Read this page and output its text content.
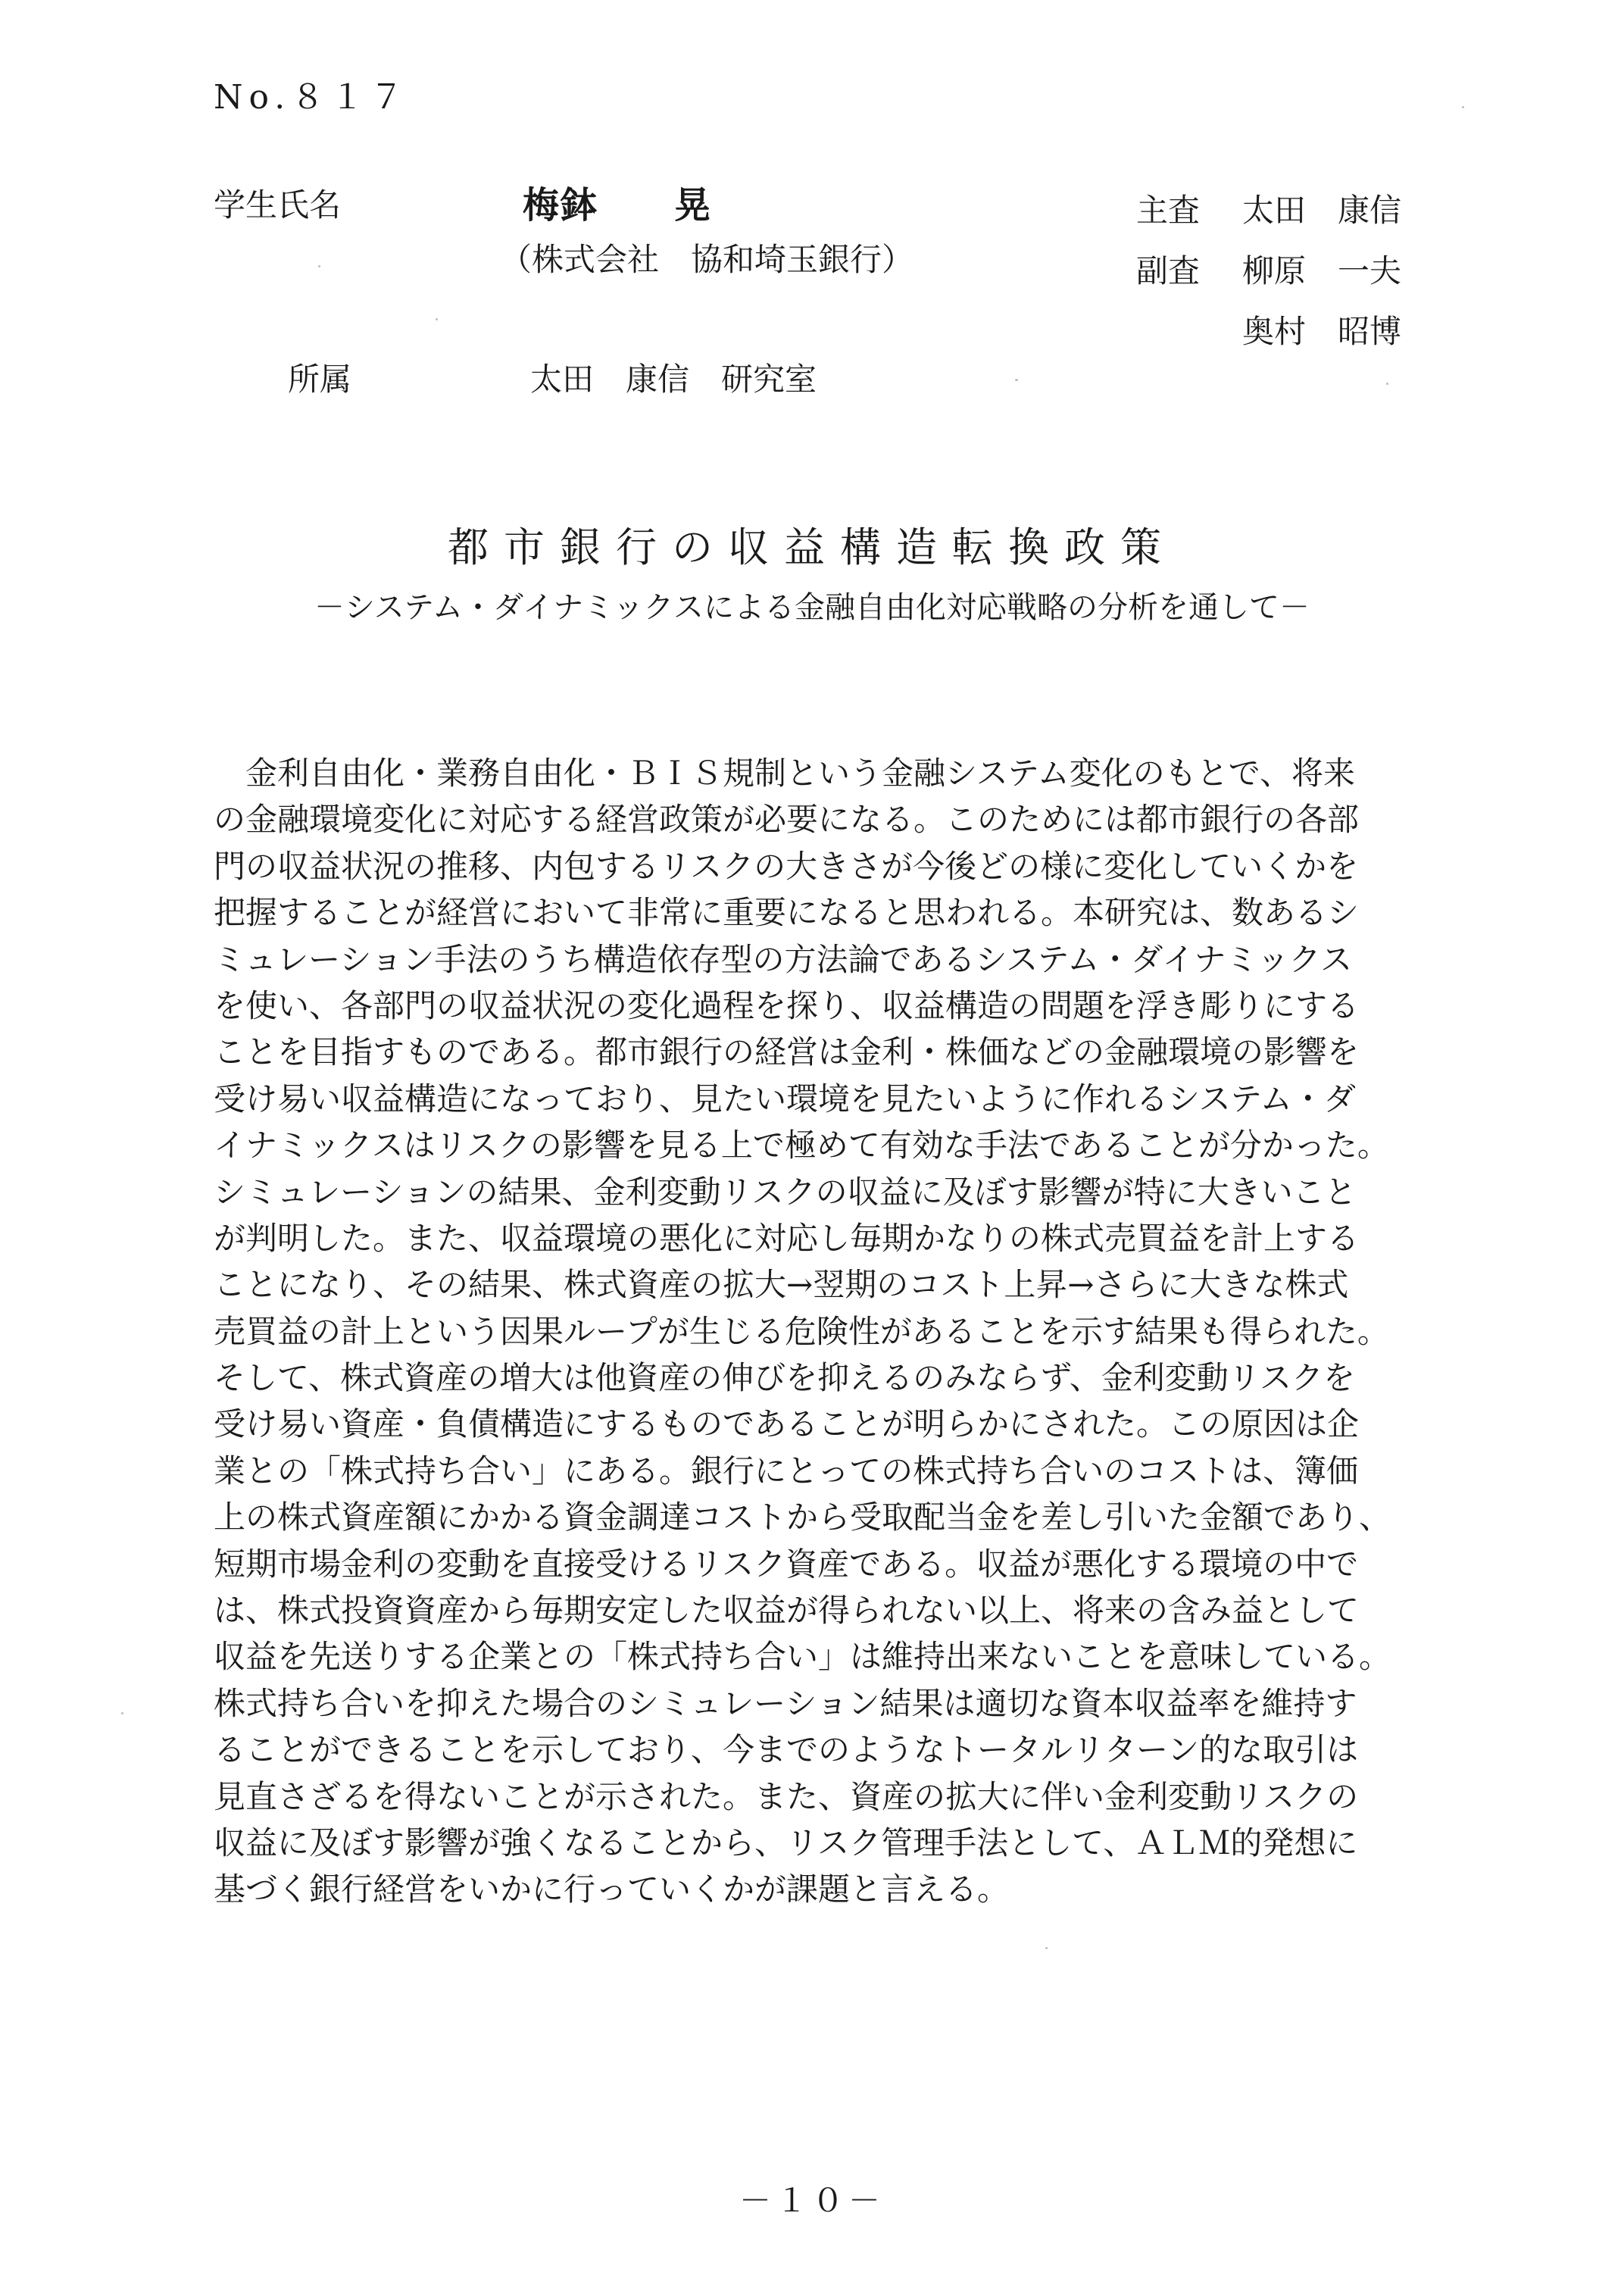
No.８１７
学生氏名	梅鉢　　晃
（株式会社　協和埼玉銀行）
所属	太田　康信　研究室
主査	太田　康信
副査	柳原　一夫
奥村　昭博
都市銀行の収益構造転換政策
－システム・ダイナミックスによる金融自由化対応戦略の分析を通して－
　金利自由化・業務自由化・ＢＩＳ規制という金融システム変化のもとで、将来
の金融環境変化に対応する経営政策が必要になる。このためには都市銀行の各部
門の収益状況の推移、内包するリスクの大きさが今後どの様に変化していくかを
把握することが経営において非常に重要になると思われる。本研究は、数あるシ
ミュレーション手法のうち構造依存型の方法論であるシステム・ダイナミックス
を使い、各部門の収益状況の変化過程を探り、収益構造の問題を浮き彫りにする
ことを目指すものである。都市銀行の経営は金利・株価などの金融環境の影響を
受け易い収益構造になっており、見たい環境を見たいように作れるシステム・ダ
イナミックスはリスクの影響を見る上で極めて有効な手法であることが分かった。
シミュレーションの結果、金利変動リスクの収益に及ぼす影響が特に大きいこと
が判明した。また、収益環境の悪化に対応し毎期かなりの株式売買益を計上する
ことになり、その結果、株式資産の拡大→翌期のコスト上昇→さらに大きな株式
売買益の計上という因果ループが生じる危険性があることを示す結果も得られた。
そして、株式資産の増大は他資産の伸びを抑えるのみならず、金利変動リスクを
受け易い資産・負債構造にするものであることが明らかにされた。この原因は企
業との「株式持ち合い」にある。銀行にとっての株式持ち合いのコストは、簿価
上の株式資産額にかかる資金調達コストから受取配当金を差し引いた金額であり、
短期市場金利の変動を直接受けるリスク資産である。収益が悪化する環境の中で
は、株式投資資産から毎期安定した収益が得られない以上、将来の含み益として
収益を先送りする企業との「株式持ち合い」は維持出来ないことを意味している。
株式持ち合いを抑えた場合のシミュレーション結果は適切な資本収益率を維持す
ることができることを示しており、今までのようなトータルリターン的な取引は
見直さざるを得ないことが示された。また、資産の拡大に伴い金利変動リスクの
収益に及ぼす影響が強くなることから、リスク管理手法として、ＡＬＭ的発想に
基づく銀行経営をいかに行っていくかが課題と言える。
－１０－
